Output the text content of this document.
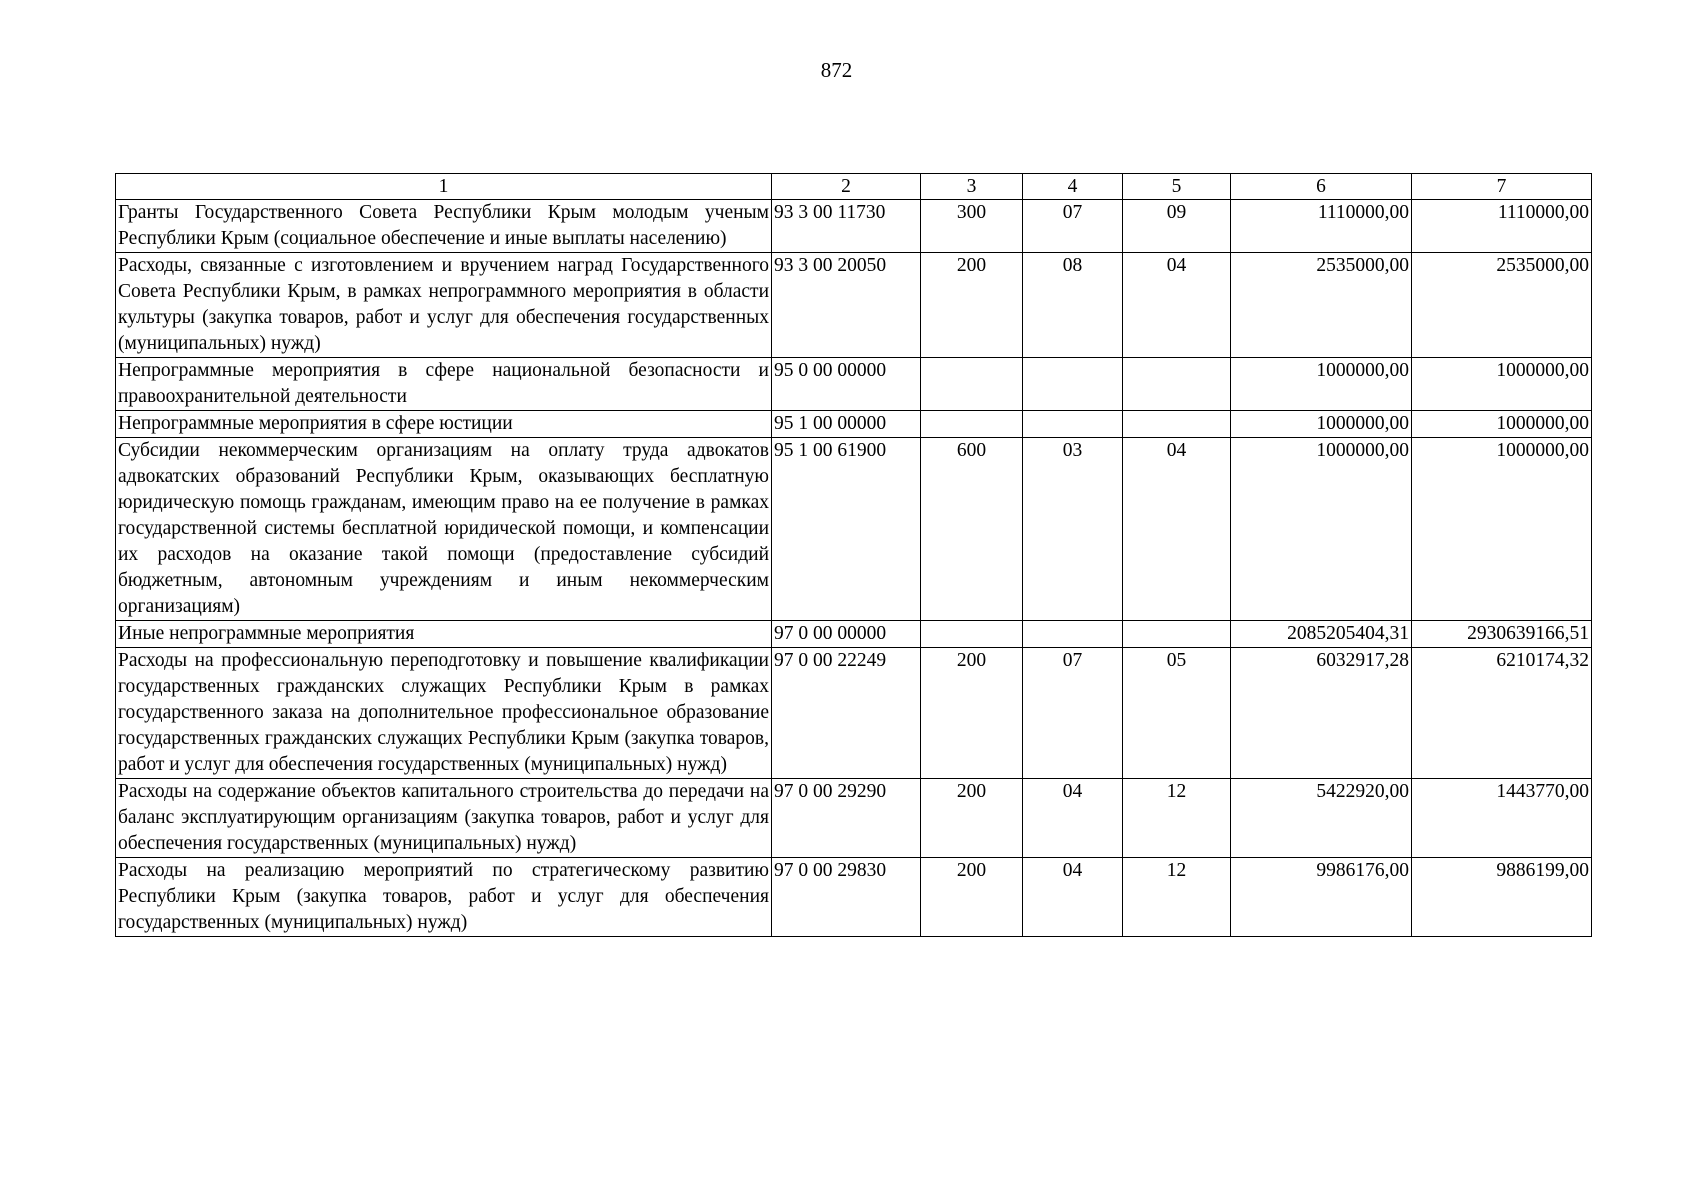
872
1	2	3	4	5	6	7
Гранты Государственного Совета Республики Крым молодым ученым Республики Крым (социальное обеспечение и иные выплаты населению)	93 3 00 11730	300	07	09	1110000,00	1110000,00
Расходы, связанные с изготовлением и вручением наград Государственного Совета Республики Крым, в рамках непрограммного мероприятия в области культуры (закупка товаров, работ и услуг для обеспечения государственных (муниципальных) нужд)	93 3 00 20050	200	08	04	2535000,00	2535000,00
Непрограммные мероприятия в сфере национальной безопасности и правоохранительной деятельности	95 0 00 00000				1000000,00	1000000,00
Непрограммные мероприятия в сфере юстиции	95 1 00 00000				1000000,00	1000000,00
Субсидии некоммерческим организациям на оплату труда адвокатов адвокатских образований Республики Крым, оказывающих бесплатную юридическую помощь гражданам, имеющим право на ее получение в рамках государственной системы бесплатной юридической помощи, и компенсации их расходов на оказание такой помощи (предоставление субсидий бюджетным, автономным учреждениям и иным некоммерческим организациям)	95 1 00 61900	600	03	04	1000000,00	1000000,00
Иные непрограммные мероприятия	97 0 00 00000				2085205404,31	2930639166,51
Расходы на профессиональную переподготовку и повышение квалификации государственных гражданских служащих Республики Крым в рамках государственного заказа на дополнительное профессиональное образование государственных гражданских служащих Республики Крым (закупка товаров, работ и услуг для обеспечения государственных (муниципальных) нужд)	97 0 00 22249	200	07	05	6032917,28	6210174,32
Расходы на содержание объектов капитального строительства до передачи на баланс эксплуатирующим организациям (закупка товаров, работ и услуг для обеспечения государственных (муниципальных) нужд)	97 0 00 29290	200	04	12	5422920,00	1443770,00
Расходы на реализацию мероприятий по стратегическому развитию Республики Крым (закупка товаров, работ и услуг для обеспечения государственных (муниципальных) нужд)	97 0 00 29830	200	04	12	9986176,00	9886199,00
